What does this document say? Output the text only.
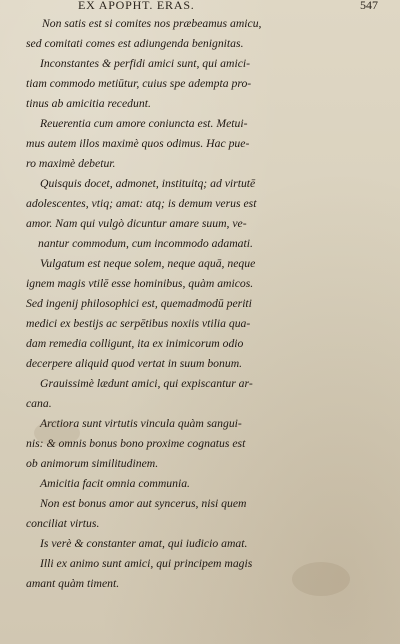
EX APOPHT. ERAS.	547
Non satis est si comites nos præbeamus amicu,
sed comitati comes est adiungenda benignitas.
Inconstantes & perfidi amici sunt, qui amici-
tiam commodo metiūtur, cuius spe adempta pro-
tinus ab amicitia recedunt.
Reuerentia cum amore coniuncta est. Metui-
mus autem illos maximè quos odimus. Hac pue-
ro maximè debetur.
Quisquis docet, admonet, instituitq; ad virtutē
adolescentes, vtiq; amat: atq; is demum verus est
amor. Nam qui vulgò dicuntur amare suum, ve-
nantur commodum, cum incommodo adamati.
Vulgatum est neque solem, neque aquā, neque
ignem magis vtilē esse hominibus, quàm amicos.
Sed ingenij philosophici est, quemadmodū periti
medici ex bestijs ac serpētibus noxiis vtilia qua-
dam remedia colligunt, ita ex inimicorum odio
decerpere aliquid quod vertat in suum bonum.
Grauissimè lædunt amici, qui expiscantur ar-
cana.
Arctiora sunt virtutis vincula quàm sangui-
nis: & omnis bonus bono proxime cognatus est
ob animorum similitudinem.
Amicitia facit omnia communia.
Non est bonus amor aut syncerus, nisi quem
conciliat virtus.
Is verè & constanter amat, qui iudicio amat.
Illi ex animo sunt amici, qui principem magis
amant quàm timent.
